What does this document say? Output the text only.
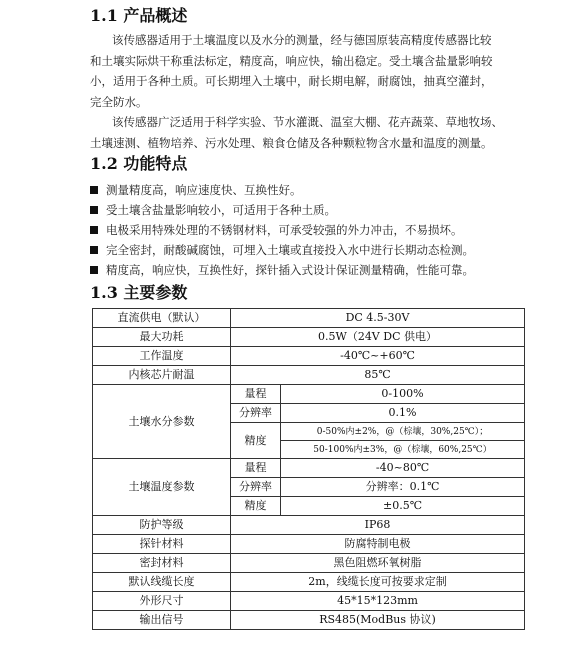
1.1 产品概述
该传感器适用于土壤温度以及水分的测量，经与德国原装高精度传感器比较
和土壤实际烘干称重法标定，精度高，响应快，输出稳定。受土壤含盐量影响较
小，适用于各种土质。可长期埋入土壤中，耐长期电解，耐腐蚀，抽真空灌封，
完全防水。
该传感器广泛适用于科学实验、节水灌溉、温室大棚、花卉蔬菜、草地牧场、
土壤速测、植物培养、污水处理、粮食仓储及各种颗粒物含水量和温度的测量。
1.2 功能特点
测量精度高，响应速度快、互换性好。
受土壤含盐量影响较小，可适用于各种土质。
电极采用特殊处理的不锈钢材料，可承受较强的外力冲击，不易损坏。
完全密封，耐酸碱腐蚀，可埋入土壤或直接投入水中进行长期动态检测。
精度高，响应快，互换性好，探针插入式设计保证测量精确，性能可靠。
1.3 主要参数
直流供电（默认）	DC 4.5-30V	
最大功耗	0.5W（24V DC 供电）	
工作温度	-40℃~+60℃	
内核芯片耐温	85℃	
土壤水分参数	量程	0-100%
	分辨率	0.1%
	精度	0-50%内±2%，@（棕壤，30%,25℃）；
		50-100%内±3%，@（棕壤，60%,25℃）
土壤温度参数	量程	-40~80℃
	分辨率	分辨率：0.1℃
	精度	±0.5℃
防护等级	IP68	
探针材料	防腐特制电极	
密封材料	黑色阻燃环氧树脂	
默认线缆长度	2m，线缆长度可按要求定制	
外形尺寸	45*15*123mm	
输出信号	RS485(ModBus 协议)	
